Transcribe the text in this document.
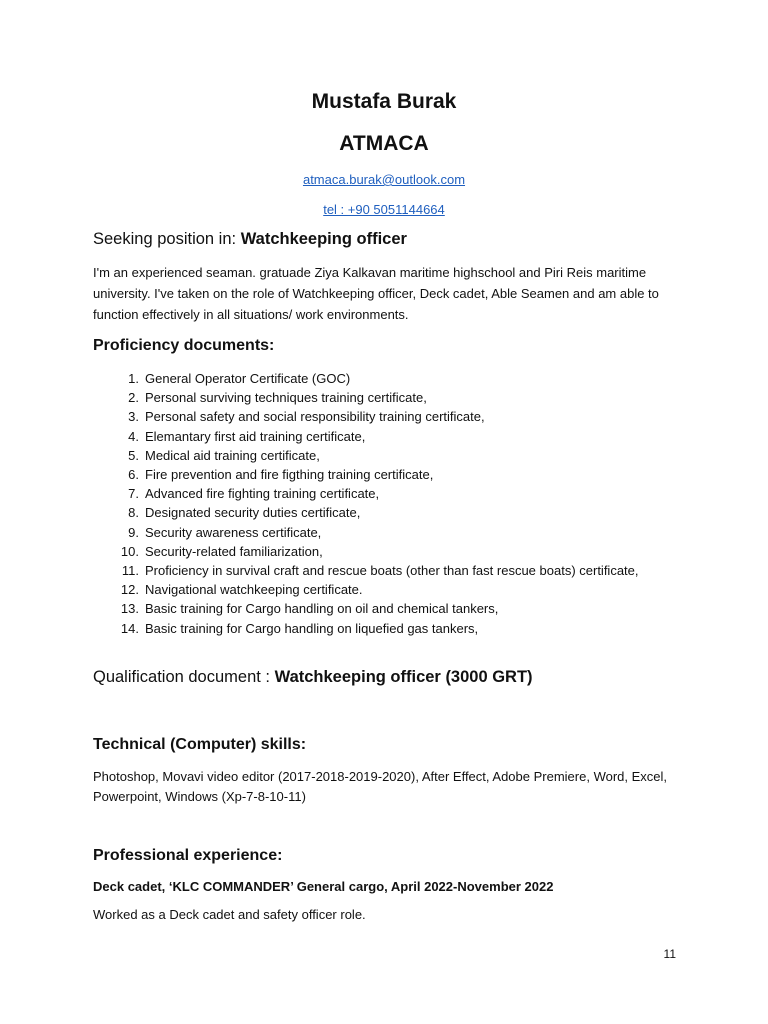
Mustafa Burak
ATMACA
atmaca.burak@outlook.com
tel : +90 5051144664
Seeking position in: Watchkeeping officer
I'm an experienced seaman. gratuade Ziya Kalkavan maritime highschool and Piri Reis maritime university. I've taken on the role of Watchkeeping officer, Deck cadet, Able Seamen and am able to function effectively in all situations/ work environments.
Proficiency documents:
1. General Operator Certificate (GOC)
2. Personal surviving techniques training certificate,
3. Personal safety and social responsibility training certificate,
4. Elemantary first aid training certificate,
5. Medical aid training certificate,
6. Fire prevention and fire figthing training certificate,
7. Advanced fire fighting training certificate,
8. Designated security duties certificate,
9. Security awareness certificate,
10. Security-related familiarization,
11. Proficiency in survival craft and rescue boats (other than fast rescue boats) certificate,
12. Navigational watchkeeping certificate.
13. Basic training for Cargo handling on oil and chemical tankers,
14. Basic training for Cargo handling on liquefied gas tankers,
Qualification document : Watchkeeping officer (3000 GRT)
Technical (Computer) skills:
Photoshop, Movavi video editor (2017-2018-2019-2020), After Effect, Adobe Premiere, Word, Excel, Powerpoint, Windows (Xp-7-8-10-11)
Professional experience:
Deck cadet, ‘KLC COMMANDER’ General cargo, April 2022-November 2022
Worked as a Deck cadet and safety officer role.
11
